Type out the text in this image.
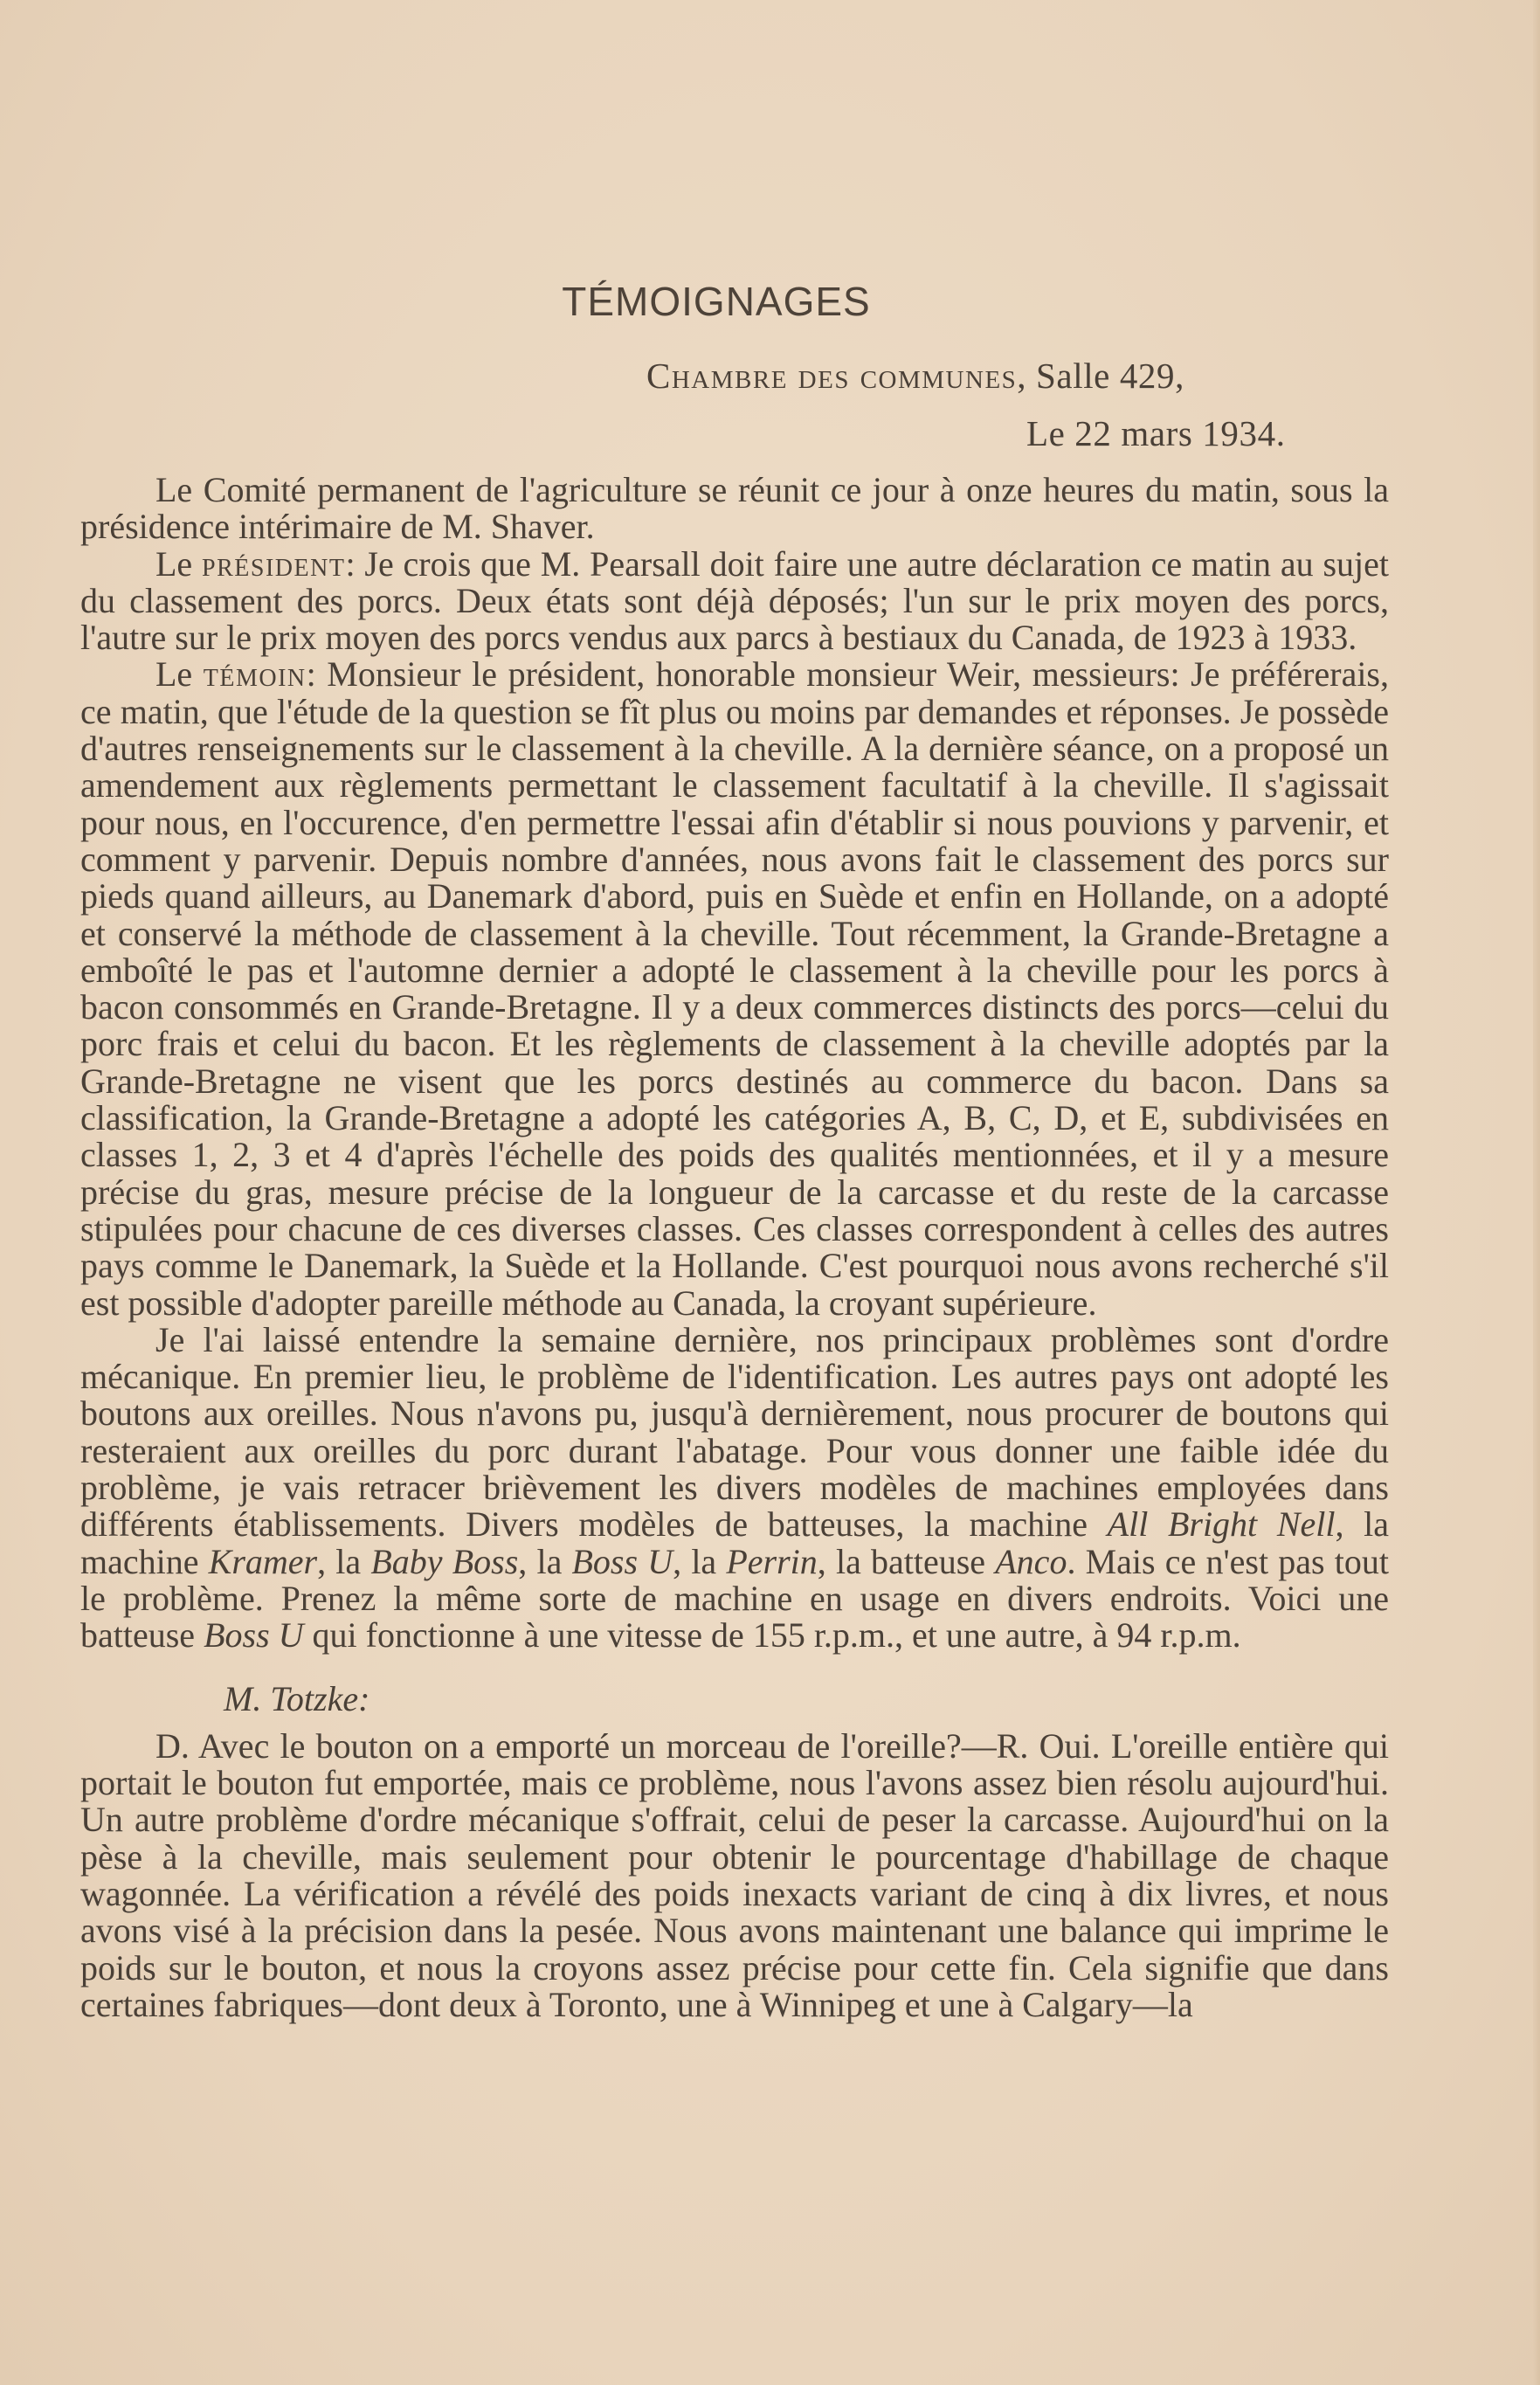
TÉMOIGNAGES
Chambre des communes, Salle 429,
Le 22 mars 1934.

Le Comité permanent de l'agriculture se réunit ce jour à onze heures du matin, sous la présidence intérimaire de M. Shaver.

Le président: Je crois que M. Pearsall doit faire une autre déclaration ce matin au sujet du classement des porcs. Deux états sont déjà déposés; l'un sur le prix moyen des porcs, l'autre sur le prix moyen des porcs vendus aux parcs à bestiaux du Canada, de 1923 à 1933.

Le témoin: Monsieur le président, honorable monsieur Weir, messieurs: Je préférerais, ce matin, que l'étude de la question se fît plus ou moins par demandes et réponses. Je possède d'autres renseignements sur le classement à la cheville. A la dernière séance, on a proposé un amendement aux règlements permettant le classement facultatif à la cheville. Il s'agissait pour nous, en l'occurence, d'en permettre l'essai afin d'établir si nous pouvions y parvenir, et comment y parvenir. Depuis nombre d'années, nous avons fait le classement des porcs sur pieds quand ailleurs, au Danemark d'abord, puis en Suède et enfin en Hollande, on a adopté et conservé la méthode de classement à la cheville. Tout récemment, la Grande-Bretagne a emboîté le pas et l'automne dernier a adopté le classement à la cheville pour les porcs à bacon consommés en Grande-Bretagne. Il y a deux commerces distincts des porcs—celui du porc frais et celui du bacon. Et les règlements de classement à la cheville adoptés par la Grande-Bretagne ne visent que les porcs destinés au commerce du bacon. Dans sa classification, la Grande-Bretagne a adopté les catégories A, B, C, D, et E, subdivisées en classes 1, 2, 3 et 4 d'après l'échelle des poids des qualités mentionnées, et il y a mesure précise du gras, mesure précise de la longueur de la carcasse et du reste de la carcasse stipulées pour chacune de ces diverses classes. Ces classes correspondent à celles des autres pays comme le Danemark, la Suède et la Hollande. C'est pourquoi nous avons recherché s'il est possible d'adopter pareille méthode au Canada, la croyant supérieure.

Je l'ai laissé entendre la semaine dernière, nos principaux problèmes sont d'ordre mécanique. En premier lieu, le problème de l'identification. Les autres pays ont adopté les boutons aux oreilles. Nous n'avons pu, jusqu'à dernièrement, nous procurer de boutons qui resteraient aux oreilles du porc durant l'abatage. Pour vous donner une faible idée du problème, je vais retracer brièvement les divers modèles de machines employées dans différents établissements. Divers modèles de batteuses, la machine All Bright Nell, la machine Kramer, la Baby Boss, la Boss U, la Perrin, la batteuse Anco. Mais ce n'est pas tout le problème. Prenez la même sorte de machine en usage en divers endroits. Voici une batteuse Boss U qui fonctionne à une vitesse de 155 r.p.m., et une autre, à 94 r.p.m.

M. Totzke:

D. Avec le bouton on a emporté un morceau de l'oreille?—R. Oui. L'oreille entière qui portait le bouton fut emportée, mais ce problème, nous l'avons assez bien résolu aujourd'hui. Un autre problème d'ordre mécanique s'offrait, celui de peser la carcasse. Aujourd'hui on la pèse à la cheville, mais seulement pour obtenir le pourcentage d'habillage de chaque wagonnée. La vérification a révélé des poids inexacts variant de cinq à dix livres, et nous avons visé à la précision dans la pesée. Nous avons maintenant une balance qui imprime le poids sur le bouton, et nous la croyons assez précise pour cette fin. Cela signifie que dans certaines fabriques—dont deux à Toronto, une à Winnipeg et une à Calgary—la
